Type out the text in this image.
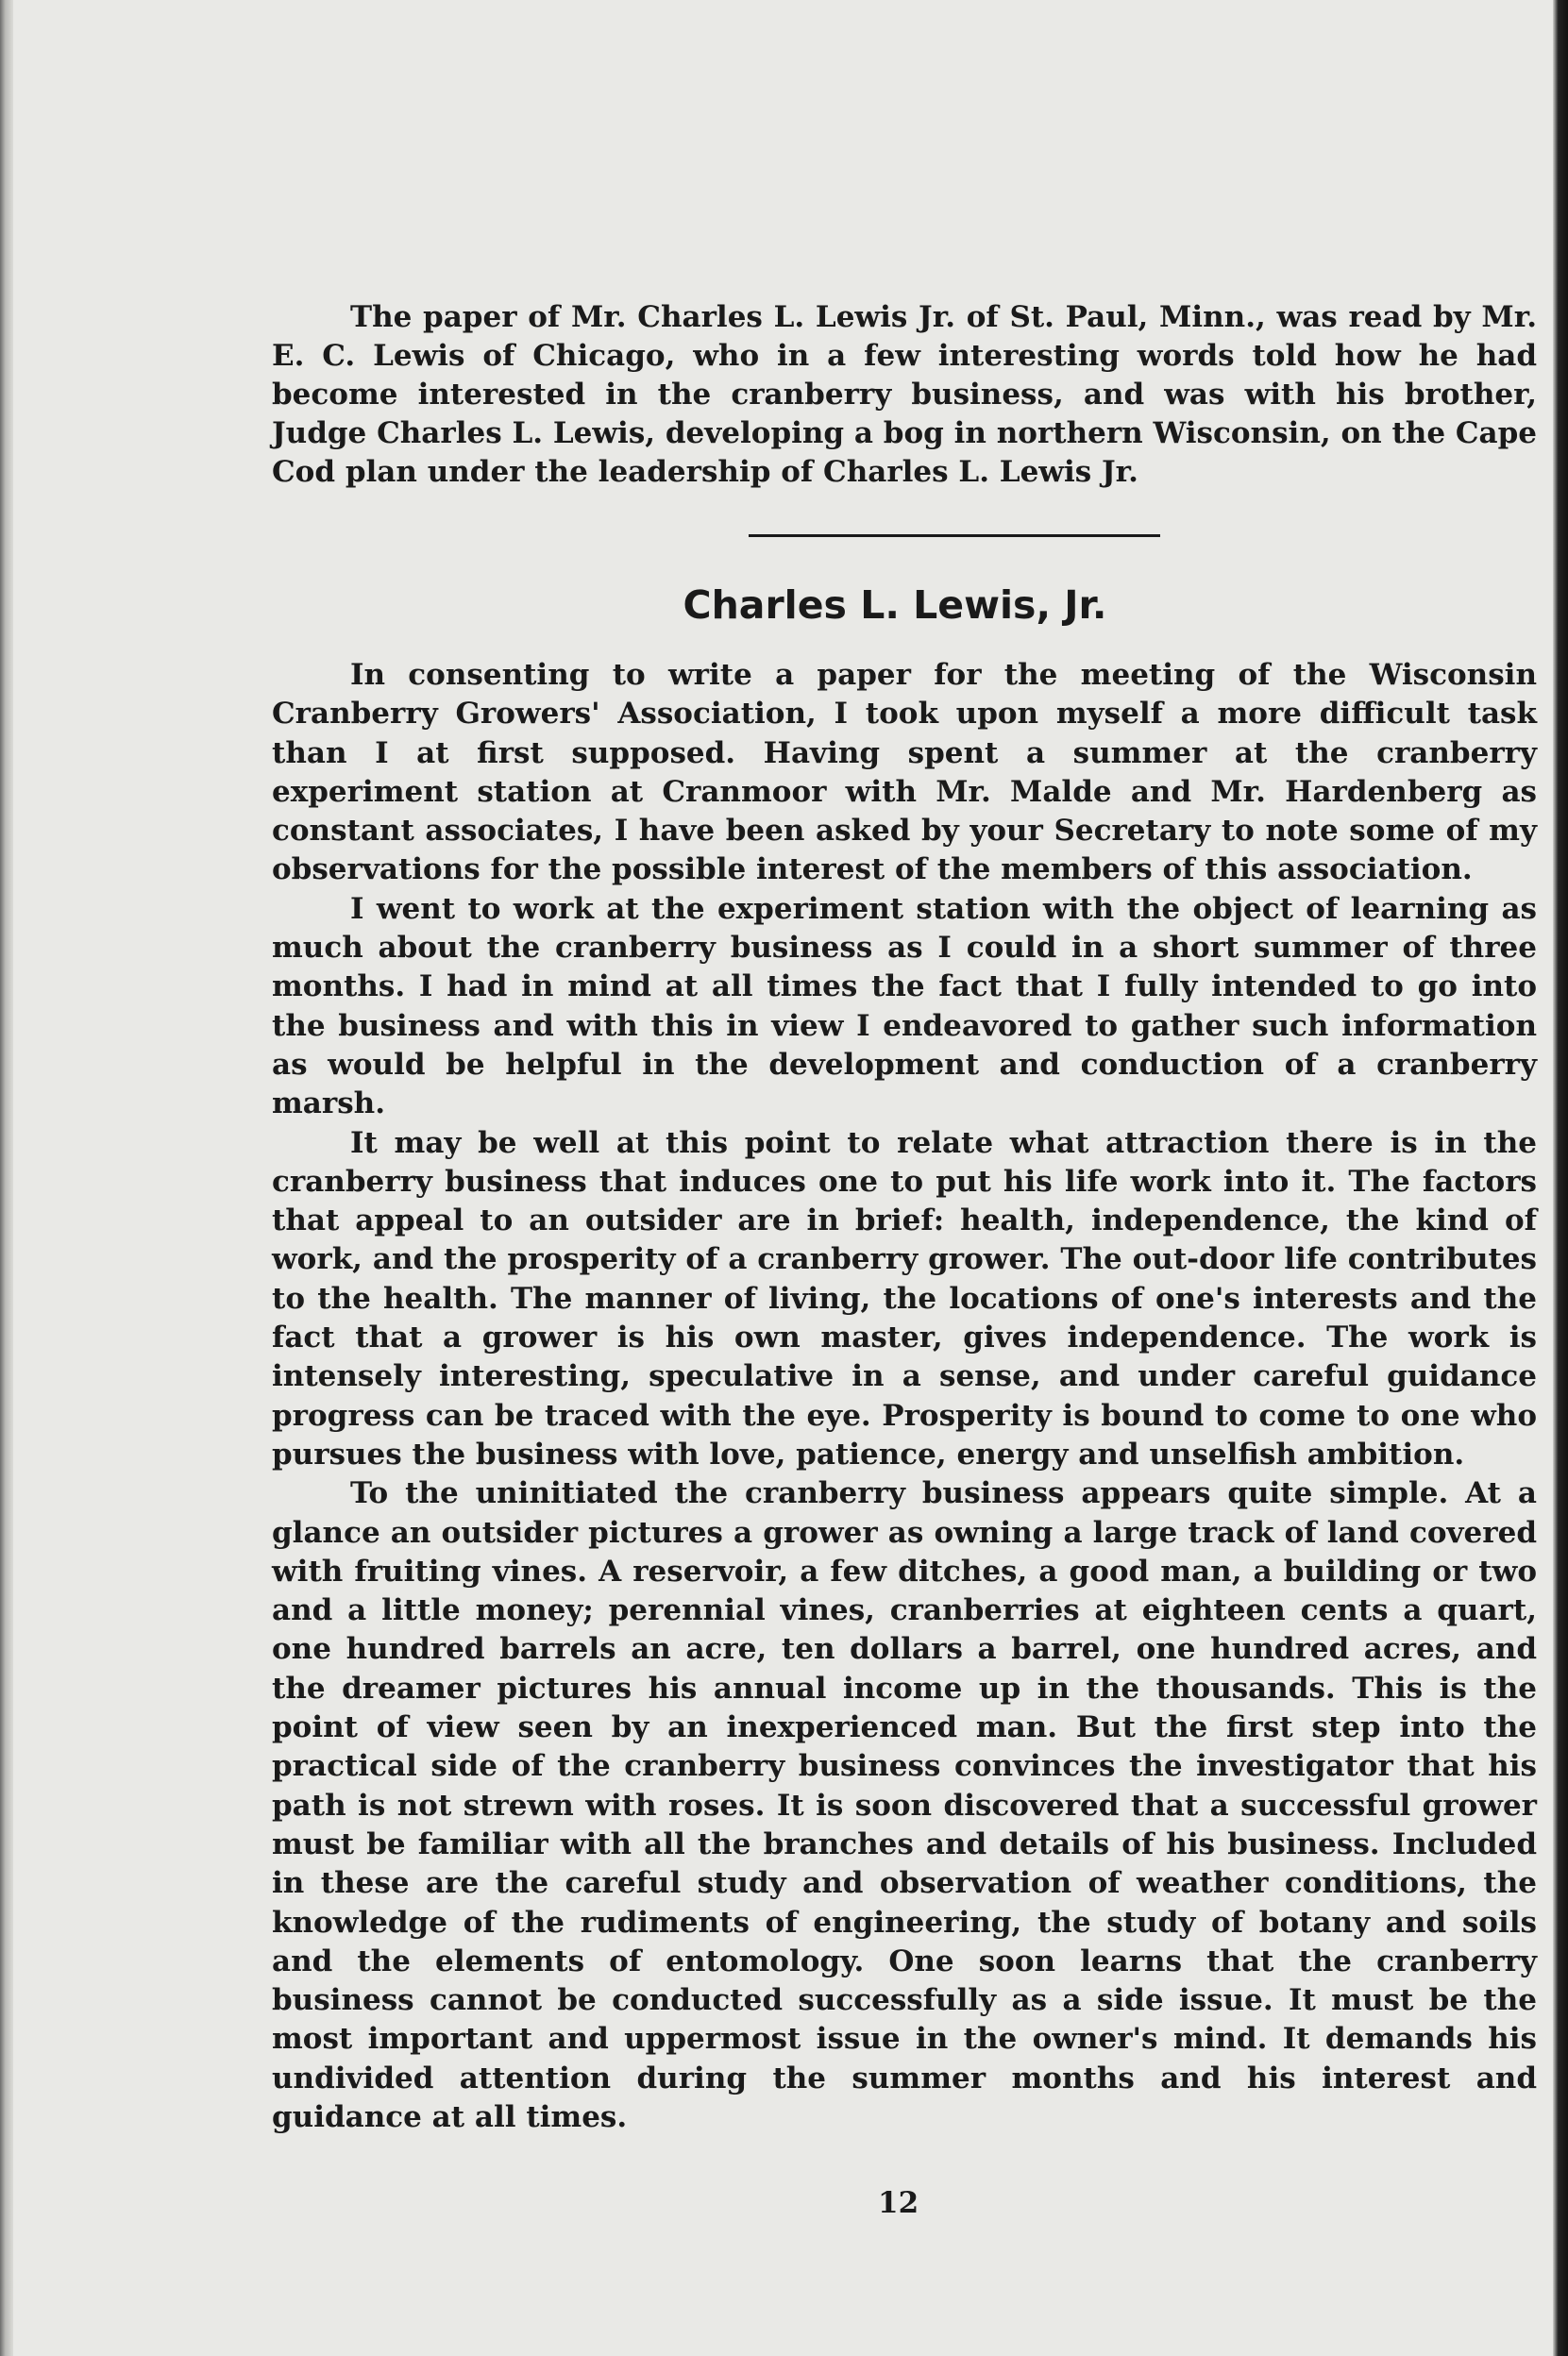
The paper of Mr. Charles L. Lewis Jr. of St. Paul, Minn., was read by Mr. E. C. Lewis of Chicago, who in a few interesting words told how he had become interested in the cranberry business, and was with his brother, Judge Charles L. Lewis, developing a bog in northern Wisconsin, on the Cape Cod plan under the leadership of Charles L. Lewis Jr.

Charles L. Lewis, Jr.

In consenting to write a paper for the meeting of the Wisconsin Cranberry Growers' Association, I took upon myself a more difficult task than I at first supposed. Having spent a summer at the cranberry experiment station at Cranmoor with Mr. Malde and Mr. Hardenberg as constant associates, I have been asked by your Secretary to note some of my observations for the possible interest of the members of this association.

I went to work at the experiment station with the object of learning as much about the cranberry business as I could in a short summer of three months. I had in mind at all times the fact that I fully intended to go into the business and with this in view I endeavored to gather such information as would be helpful in the development and conduction of a cranberry marsh.

It may be well at this point to relate what attraction there is in the cranberry business that induces one to put his life work into it. The factors that appeal to an outsider are in brief: health, independence, the kind of work, and the prosperity of a cranberry grower. The out-door life contributes to the health. The manner of living, the locations of one's interests and the fact that a grower is his own master, gives independence. The work is intensely interesting, speculative in a sense, and under careful guidance progress can be traced with the eye. Prosperity is bound to come to one who pursues the business with love, patience, energy and unselfish ambition.

To the uninitiated the cranberry business appears quite simple. At a glance an outsider pictures a grower as owning a large track of land covered with fruiting vines. A reservoir, a few ditches, a good man, a building or two and a little money; perennial vines, cranberries at eighteen cents a quart, one hundred barrels an acre, ten dollars a barrel, one hundred acres, and the dreamer pictures his annual income up in the thousands. This is the point of view seen by an inexperienced man. But the first step into the practical side of the cranberry business convinces the investigator that his path is not strewn with roses. It is soon discovered that a successful grower must be familiar with all the branches and details of his business. Included in these are the careful study and observation of weather conditions, the knowledge of the rudiments of engineering, the study of botany and soils and the elements of entomology. One soon learns that the cranberry business cannot be conducted successfully as a side issue. It must be the most important and uppermost issue in the owner's mind. It demands his undivided attention during the summer months and his interest and guidance at all times.

12
